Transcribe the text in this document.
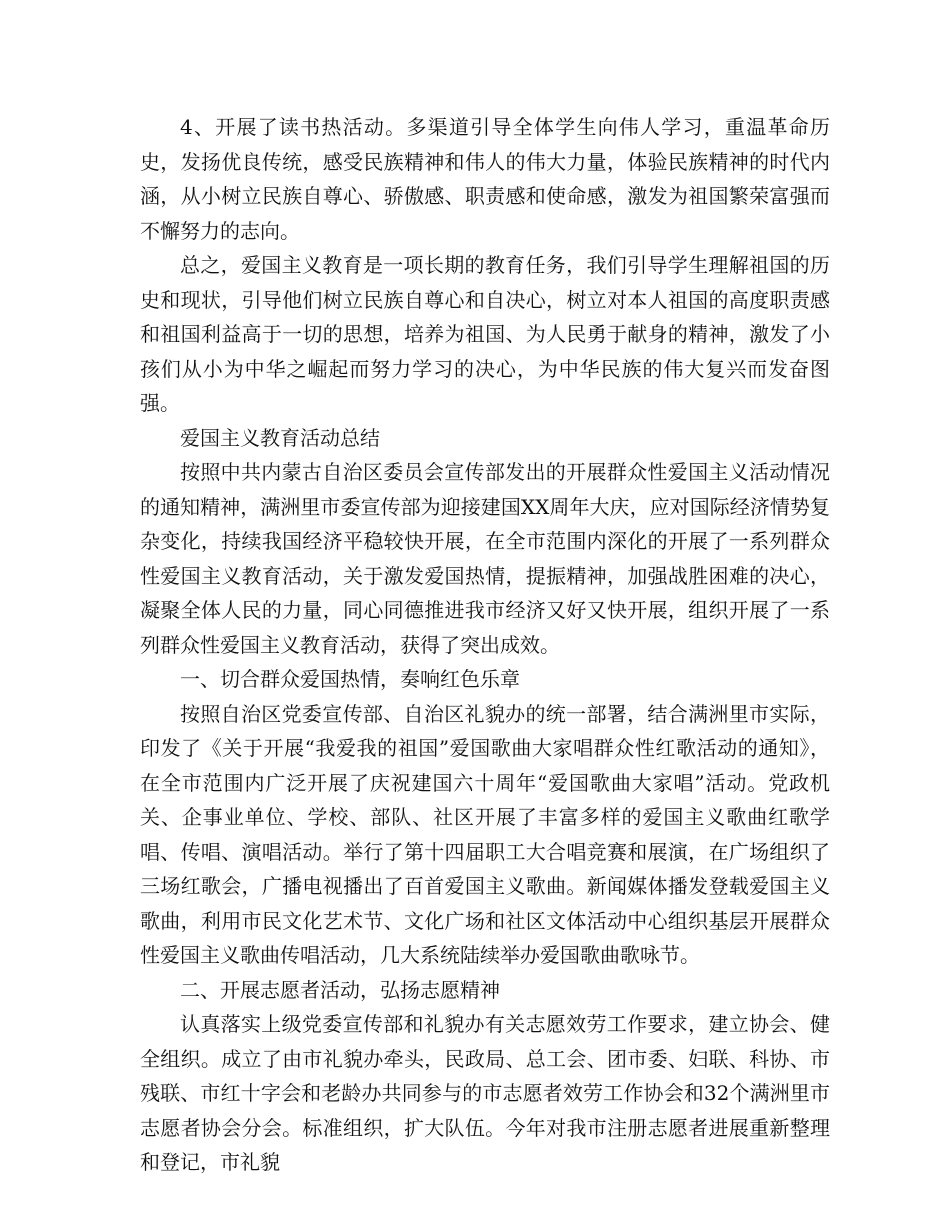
4、开展了读书热活动。多渠道引导全体学生向伟人学习，重温革命历史，发扬优良传统，感受民族精神和伟人的伟大力量，体验民族精神的时代内涵，从小树立民族自尊心、骄傲感、职责感和使命感，激发为祖国繁荣富强而不懈努力的志向。

总之，爱国主义教育是一项长期的教育任务，我们引导学生理解祖国的历史和现状，引导他们树立民族自尊心和自决心，树立对本人祖国的高度职责感和祖国利益高于一切的思想，培养为祖国、为人民勇于献身的精神，激发了小孩们从小为中华之崛起而努力学习的决心，为中华民族的伟大复兴而发奋图强。

爱国主义教育活动总结

按照中共内蒙古自治区委员会宣传部发出的开展群众性爱国主义活动情况的通知精神，满洲里市委宣传部为迎接建国XX周年大庆，应对国际经济情势复杂变化，持续我国经济平稳较快开展，在全市范围内深化的开展了一系列群众性爱国主义教育活动，关于激发爱国热情，提振精神，加强战胜困难的决心，凝聚全体人民的力量，同心同德推进我市经济又好又快开展，组织开展了一系列群众性爱国主义教育活动，获得了突出成效。

一、切合群众爱国热情，奏响红色乐章

按照自治区党委宣传部、自治区礼貌办的统一部署，结合满洲里市实际，印发了《关于开展“我爱我的祖国”爱国歌曲大家唱群众性红歌活动的通知》，在全市范围内广泛开展了庆祝建国六十周年“爱国歌曲大家唱”活动。党政机关、企事业单位、学校、部队、社区开展了丰富多样的爱国主义歌曲红歌学唱、传唱、演唱活动。举行了第十四届职工大合唱竞赛和展演，在广场组织了三场红歌会，广播电视播出了百首爱国主义歌曲。新闻媒体播发登载爱国主义歌曲，利用市民文化艺术节、文化广场和社区文体活动中心组织基层开展群众性爱国主义歌曲传唱活动，几大系统陆续举办爱国歌曲歌咏节。

二、开展志愿者活动，弘扬志愿精神

认真落实上级党委宣传部和礼貌办有关志愿效劳工作要求，建立协会、健全组织。成立了由市礼貌办牵头，民政局、总工会、团市委、妇联、科协、市残联、市红十字会和老龄办共同参与的市志愿者效劳工作协会和32个满洲里市志愿者协会分会。标准组织，扩大队伍。今年对我市注册志愿者进展重新整理和登记，市礼貌
